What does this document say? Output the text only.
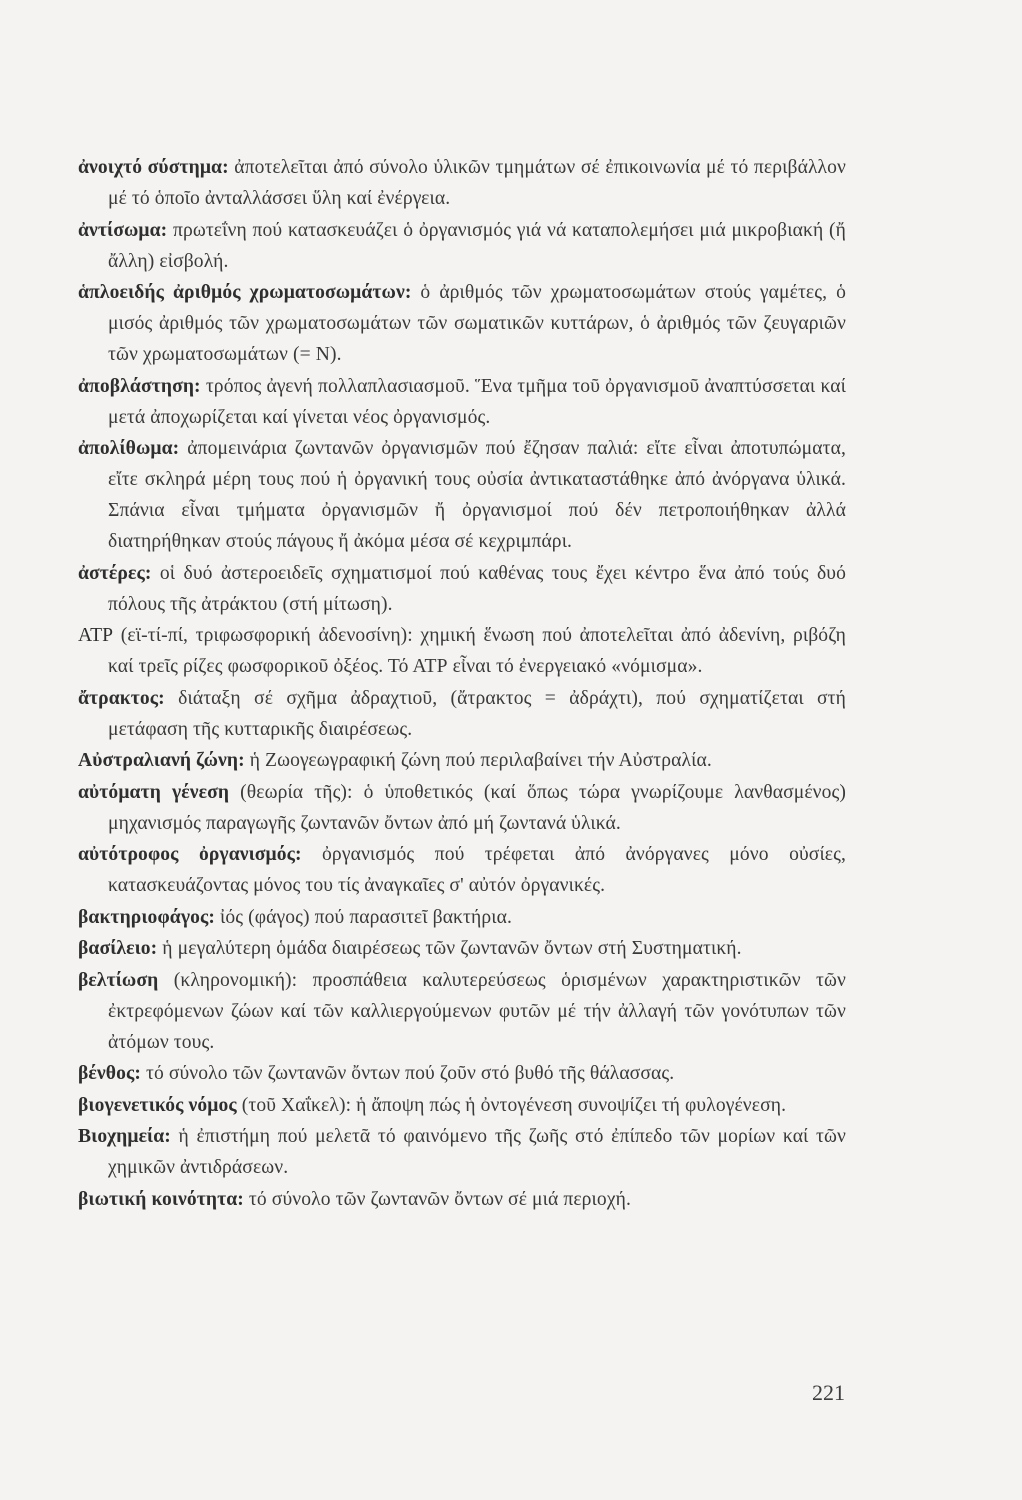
ἀνοιχτό σύστημα: ἀποτελεῖται ἀπό σύνολο ὑλικῶν τμημάτων σέ ἐπικοινωνία μέ τό περιβάλλον μέ τό ὁποῖο ἀνταλλάσσει ὕλη καί ἐνέργεια.

ἀντίσωμα: πρωτεΐνη πού κατασκευάζει ὁ ὀργανισμός γιά νά καταπολεμήσει μιά μικροβιακή (ἤ ἄλλη) εἰσβολή.

ἁπλοειδής ἀριθμός χρωματοσωμάτων: ὁ ἀριθμός τῶν χρωματοσωμάτων στούς γαμέτες, ὁ μισός ἀριθμός τῶν χρωματοσωμάτων τῶν σωματικῶν κυττάρων, ὁ ἀριθμός τῶν ζευγαριῶν τῶν χρωματοσωμάτων (= Ν).

ἀποβλάστηση: τρόπος ἀγενή πολλαπλασιασμοῦ. Ἕνα τμῆμα τοῦ ὀργανισμοῦ ἀναπτύσσεται καί μετά ἀποχωρίζεται καί γίνεται νέος ὀργανισμός.

ἀπολίθωμα: ἀπομεινάρια ζωντανῶν ὀργανισμῶν πού ἔζησαν παλιά: εἴτε εἶναι ἀποτυπώματα, εἴτε σκληρά μέρη τους πού ἡ ὀργανική τους οὐσία ἀντικαταστάθηκε ἀπό ἀνόργανα ὑλικά. Σπάνια εἶναι τμήματα ὀργανισμῶν ἤ ὀργανισμοί πού δέν πετροποιήθηκαν ἀλλά διατηρήθηκαν στούς πάγους ἤ ἀκόμα μέσα σέ κεχριμπάρι.

ἀστέρες: οἱ δυό ἀστεροειδεῖς σχηματισμοί πού καθένας τους ἔχει κέντρο ἕνα ἀπό τούς δυό πόλους τῆς ἀτράκτου (στή μίτωση).

ΑΤΡ (εϊ-τί-πί, τριφωσφορική ἀδενοσίνη): χημική ἕνωση πού ἀποτελεῖται ἀπό ἀδενίνη, ριβόζη καί τρεῖς ρίζες φωσφορικοῦ ὀξέος. Τό ΑΤΡ εἶναι τό ἐνεργειακό «νόμισμα».

ἄτρακτος: διάταξη σέ σχῆμα ἀδραχτιοῦ, (ἄτρακτος = ἀδράχτι), πού σχηματίζεται στή μετάφαση τῆς κυτταρικῆς διαιρέσεως.

Αὐστραλιανή ζώνη: ἡ Ζωογεωγραφική ζώνη πού περιλαβαίνει τήν Αὐστραλία.

αὐτόματη γένεση (θεωρία τῆς): ὁ ὑποθετικός (καί ὅπως τώρα γνωρίζουμε λανθασμένος) μηχανισμός παραγωγῆς ζωντανῶν ὄντων ἀπό μή ζωντανά ὑλικά.

αὐτότροφος ὀργανισμός: ὀργανισμός πού τρέφεται ἀπό ἀνόργανες μόνο οὐσίες, κατασκευάζοντας μόνος του τίς ἀναγκαῖες σ' αὐτόν ὀργανικές.

βακτηριοφάγος: ἰός (φάγος) πού παρασιτεῖ βακτήρια.

βασίλειο: ἡ μεγαλύτερη ὁμάδα διαιρέσεως τῶν ζωντανῶν ὄντων στή Συστηματική.

βελτίωση (κληρονομική): προσπάθεια καλυτερεύσεως ὁρισμένων χαρακτηριστικῶν τῶν ἐκτρεφόμενων ζώων καί τῶν καλλιεργούμενων φυτῶν μέ τήν ἀλλαγή τῶν γονότυπων τῶν ἀτόμων τους.

βένθος: τό σύνολο τῶν ζωντανῶν ὄντων πού ζοῦν στό βυθό τῆς θάλασσας.

βιογενετικός νόμος (τοῦ Χαΐκελ): ἡ ἄποψη πώς ἡ ὀντογένεση συνοψίζει τή φυλογένεση.

Βιοχημεία: ἡ ἐπιστήμη πού μελετᾶ τό φαινόμενο τῆς ζωῆς στό ἐπίπεδο τῶν μορίων καί τῶν χημικῶν ἀντιδράσεων.

βιωτική κοινότητα: τό σύνολο τῶν ζωντανῶν ὄντων σέ μιά περιοχή.

221
